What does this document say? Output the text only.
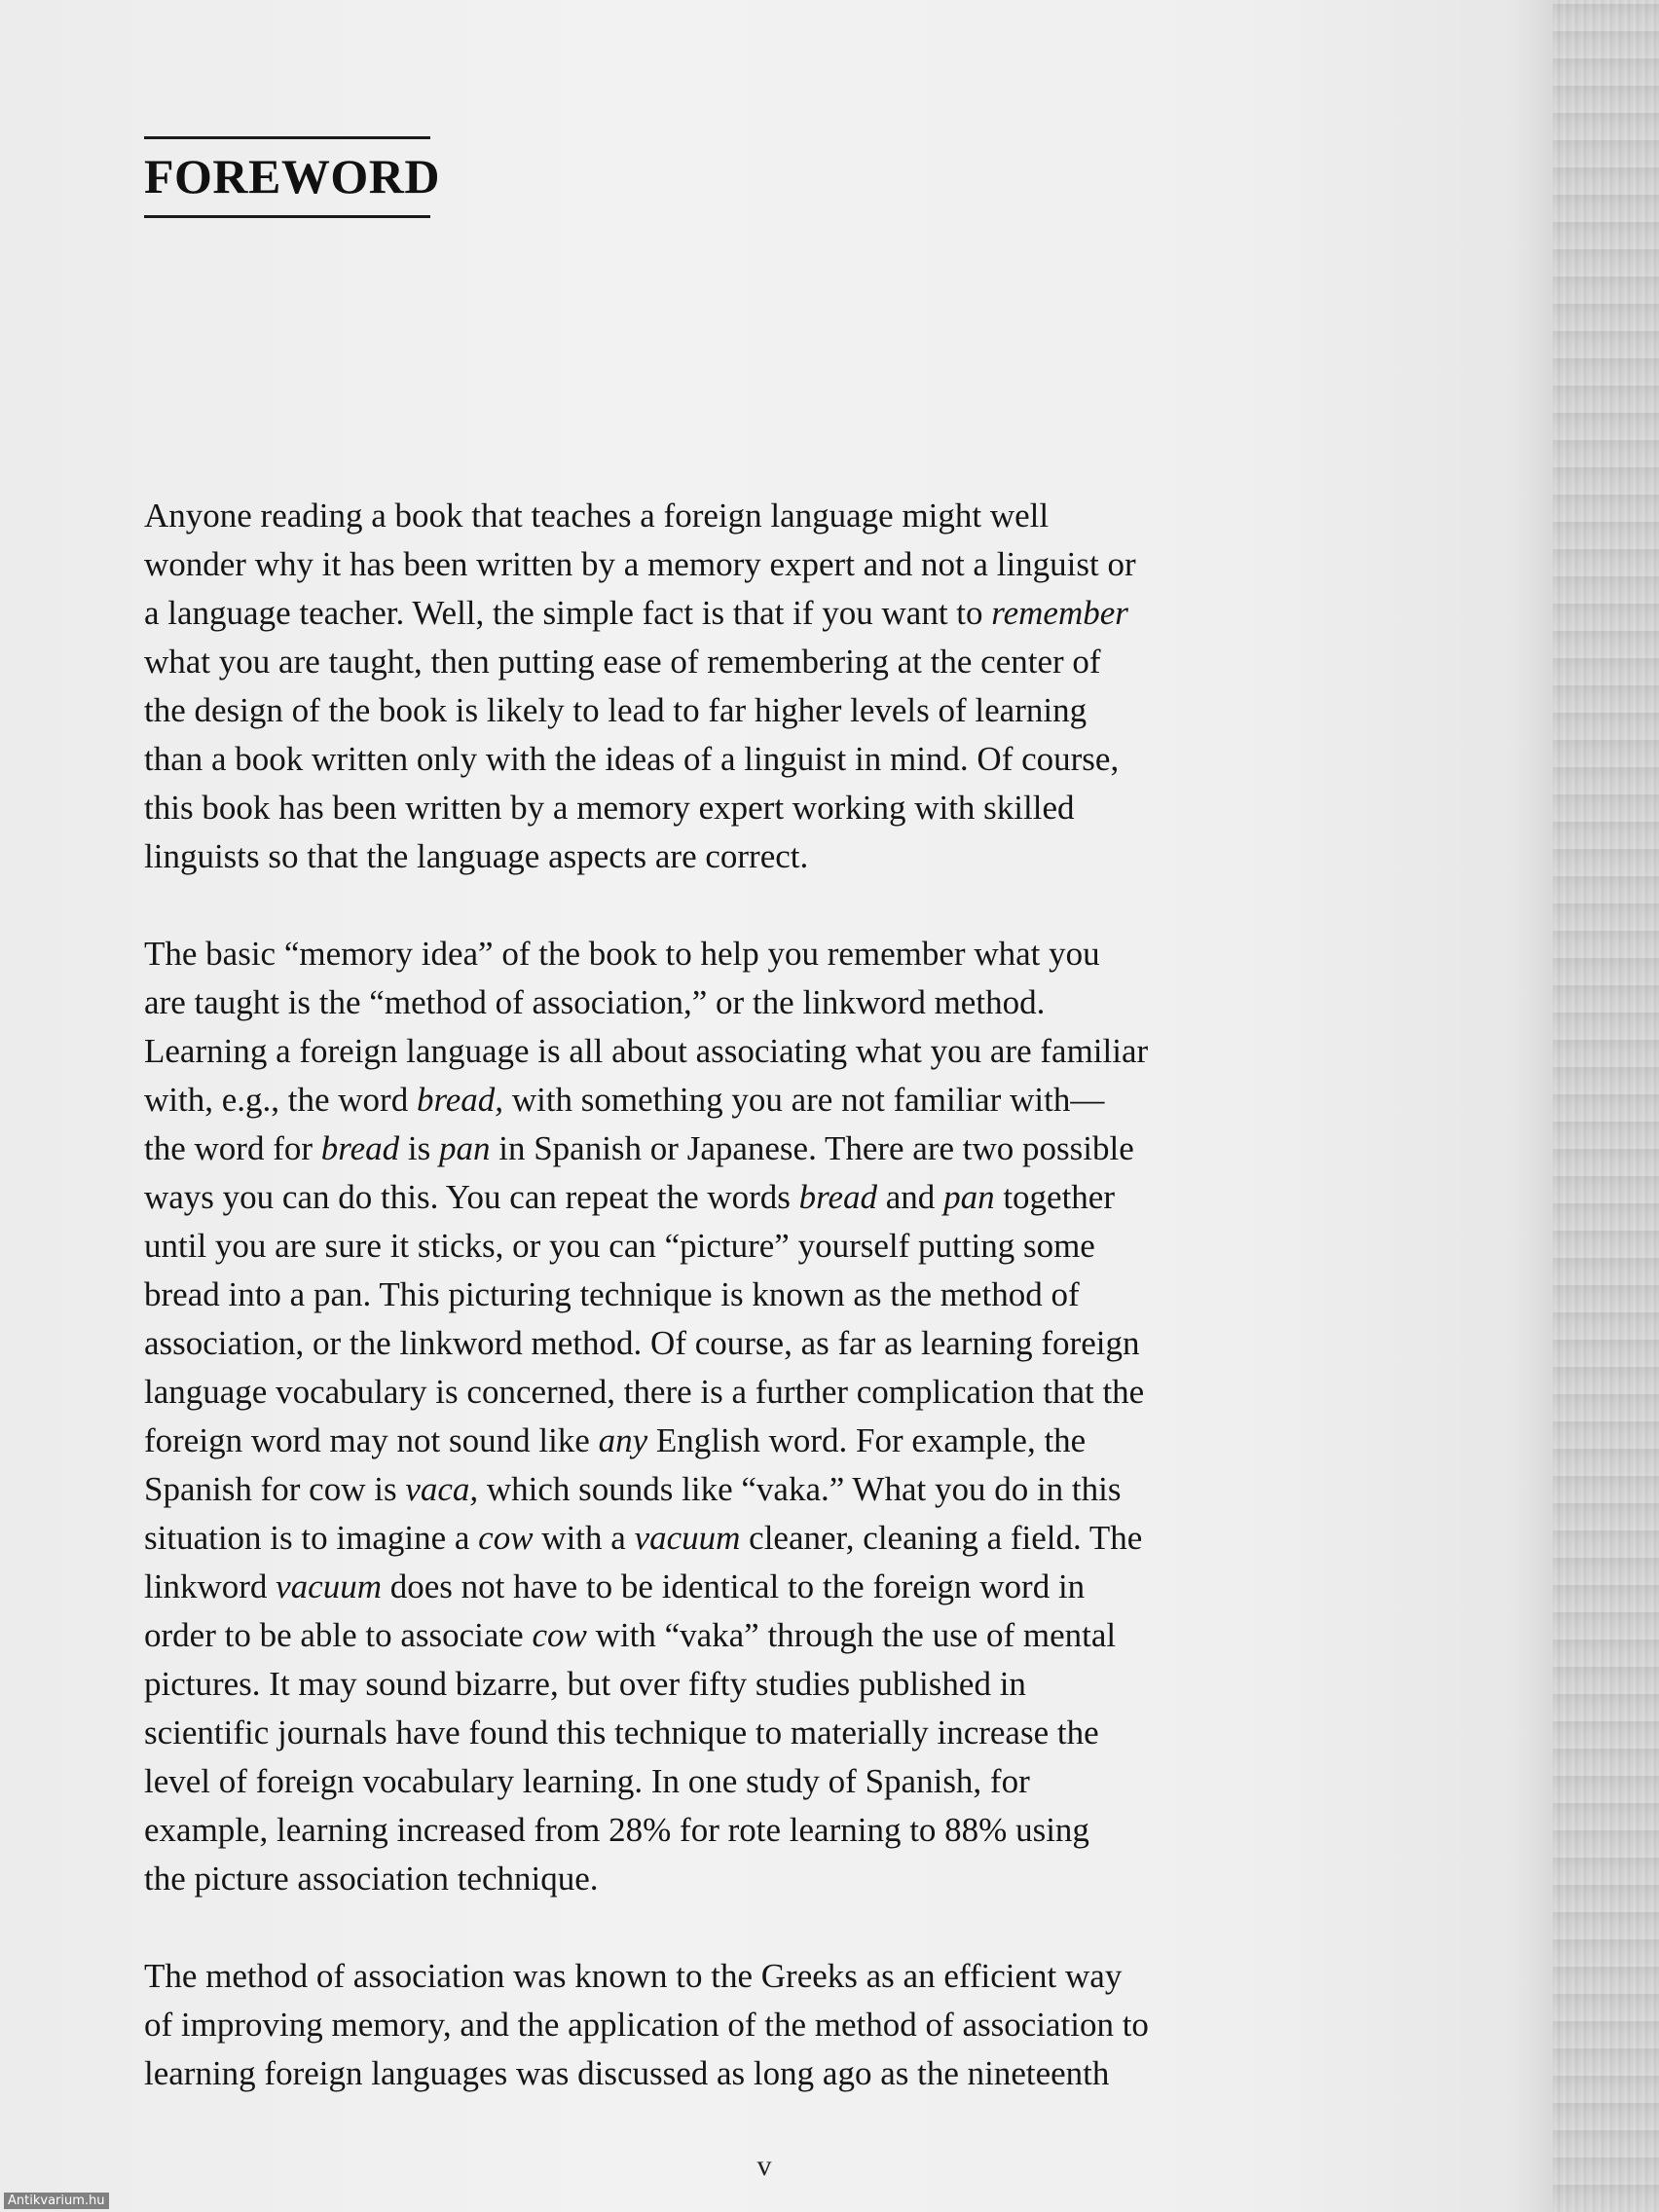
FOREWORD

Anyone reading a book that teaches a foreign language might well
wonder why it has been written by a memory expert and not a linguist or
a language teacher. Well, the simple fact is that if you want to remember
what you are taught, then putting ease of remembering at the center of
the design of the book is likely to lead to far higher levels of learning
than a book written only with the ideas of a linguist in mind. Of course,
this book has been written by a memory expert working with skilled
linguists so that the language aspects are correct.

The basic “memory idea” of the book to help you remember what you
are taught is the “method of association,” or the linkword method.
Learning a foreign language is all about associating what you are familiar
with, e.g., the word bread, with something you are not familiar with—
the word for bread is pan in Spanish or Japanese. There are two possible
ways you can do this. You can repeat the words bread and pan together
until you are sure it sticks, or you can “picture” yourself putting some
bread into a pan. This picturing technique is known as the method of
association, or the linkword method. Of course, as far as learning foreign
language vocabulary is concerned, there is a further complication that the
foreign word may not sound like any English word. For example, the
Spanish for cow is vaca, which sounds like “vaka.” What you do in this
situation is to imagine a cow with a vacuum cleaner, cleaning a field. The
linkword vacuum does not have to be identical to the foreign word in
order to be able to associate cow with “vaka” through the use of mental
pictures. It may sound bizarre, but over fifty studies published in
scientific journals have found this technique to materially increase the
level of foreign vocabulary learning. In one study of Spanish, for
example, learning increased from 28% for rote learning to 88% using
the picture association technique.

The method of association was known to the Greeks as an efficient way
of improving memory, and the application of the method of association to
learning foreign languages was discussed as long ago as the nineteenth

v
Antikvarium.hu
